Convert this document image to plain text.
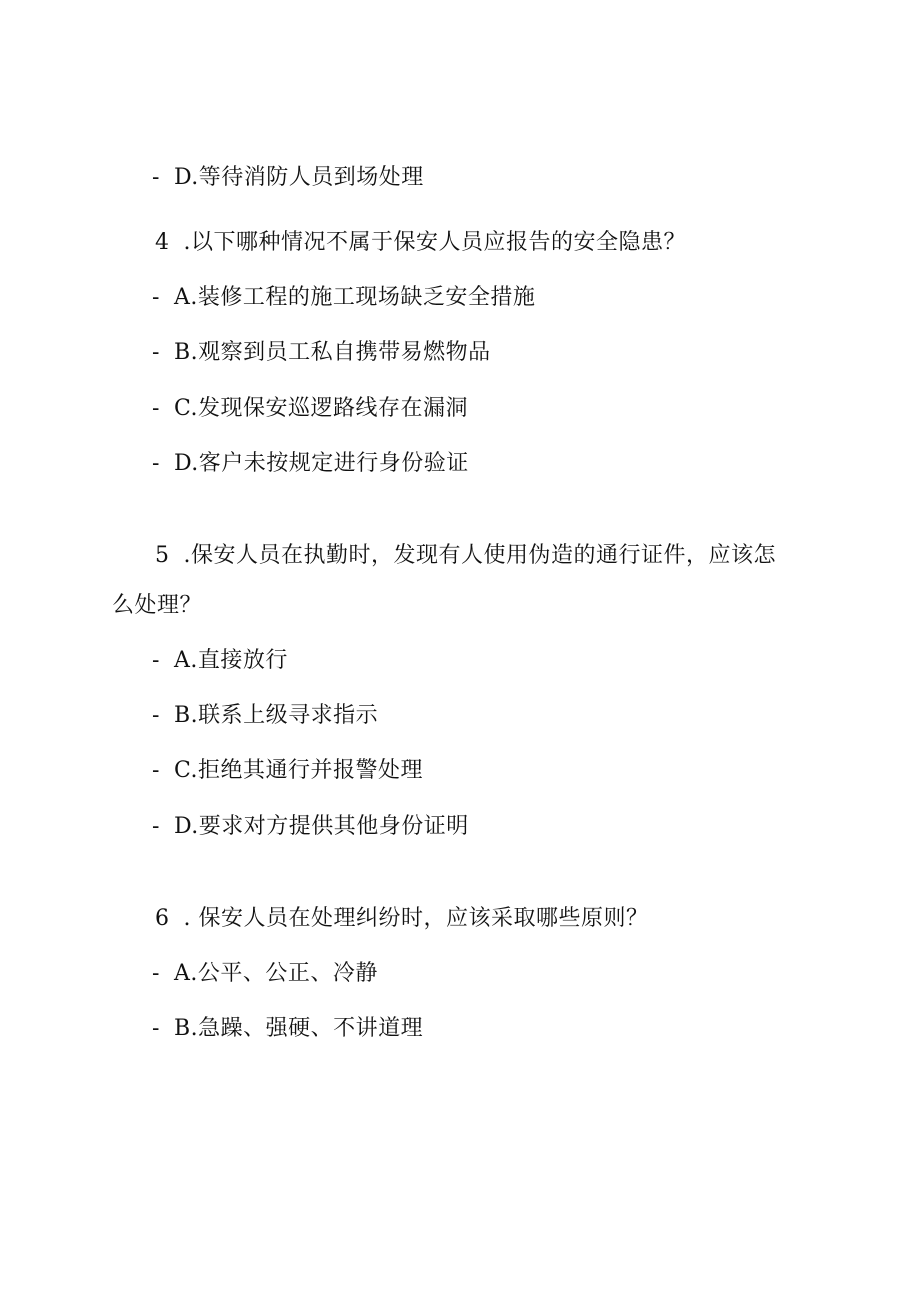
- D.等待消防人员到场处理
4 .以下哪种情况不属于保安人员应报告的安全隐患？
- A.装修工程的施工现场缺乏安全措施
- B.观察到员工私自携带易燃物品
- C.发现保安巡逻路线存在漏洞
- D.客户未按规定进行身份验证
5 .保安人员在执勤时，发现有人使用伪造的通行证件，应该怎
么处理？
- A.直接放行
- B.联系上级寻求指示
- C.拒绝其通行并报警处理
- D.要求对方提供其他身份证明
6 . 保安人员在处理纠纷时，应该采取哪些原则？
- A.公平、公正、冷静
- B.急躁、强硬、不讲道理
